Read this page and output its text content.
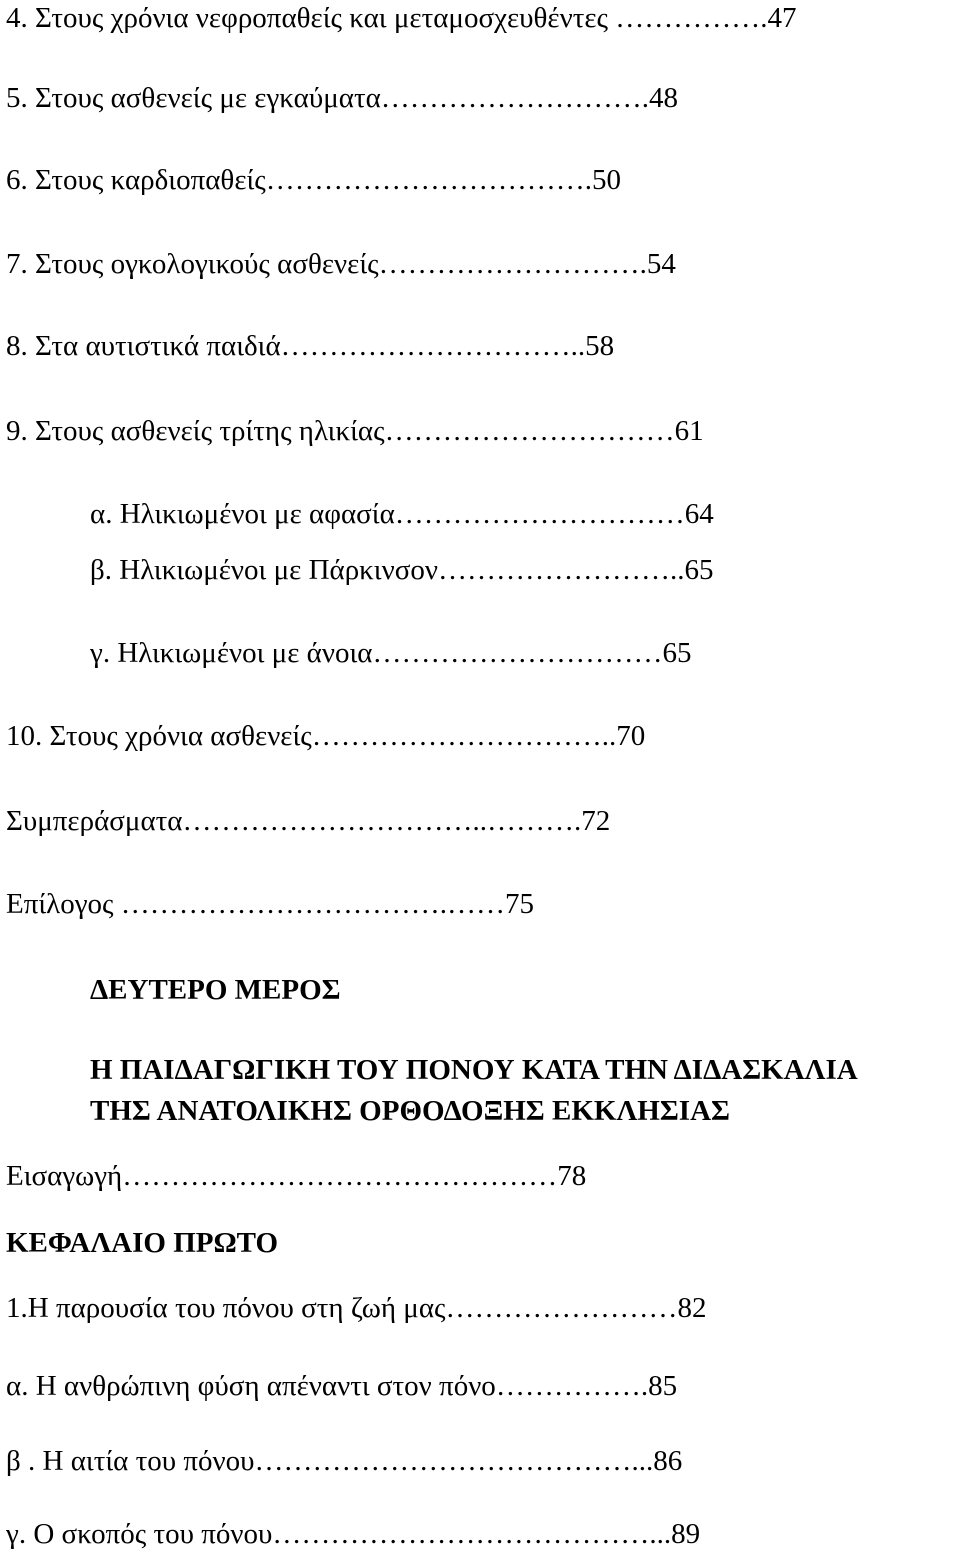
4. Στους χρόνια νεφροπαθείς και μεταμοσχευθέντες …………….47
5. Στους ασθενείς με εγκαύματα……………………….48
6. Στους καρδιοπαθείς…………………………….50
7. Στους ογκολογικούς ασθενείς……………………….54
8. Στα αυτιστικά παιδιά…………………………..58
9. Στους ασθενείς τρίτης ηλικίας…………………………61
α. Ηλικιωμένοι με αφασία…………………………64
β. Ηλικιωμένοι με Πάρκινσον……………………..65
γ. Ηλικιωμένοι με άνοια…………………………65
10. Στους χρόνια ασθενείς…………………………..70
Συμπεράσματα…………………………..……….72
Επίλογος …………………………….……75
ΔΕΥΤΕΡΟ ΜΕΡΟΣ
Η ΠΑΙΔΑΓΩΓΙΚΗ ΤΟΥ ΠΟΝΟΥ ΚΑΤΑ ΤΗΝ ΔΙΔΑΣΚΑΛΙΑ
ΤΗΣ ΑΝΑΤΟΛΙΚΗΣ ΟΡΘΟΔΟΞΗΣ ΕΚΚΛΗΣΙΑΣ
Εισαγωγή………………………………………78
ΚΕΦΑΛΑΙΟ ΠΡΩΤΟ
1.Η παρουσία του πόνου στη ζωή μας……………………82
α. Η ανθρώπινη φύση απέναντι στον πόνο…………….85
β . Η αιτία του πόνου…………………………………...86
γ. Ο σκοπός του πόνου…………………………………...89
